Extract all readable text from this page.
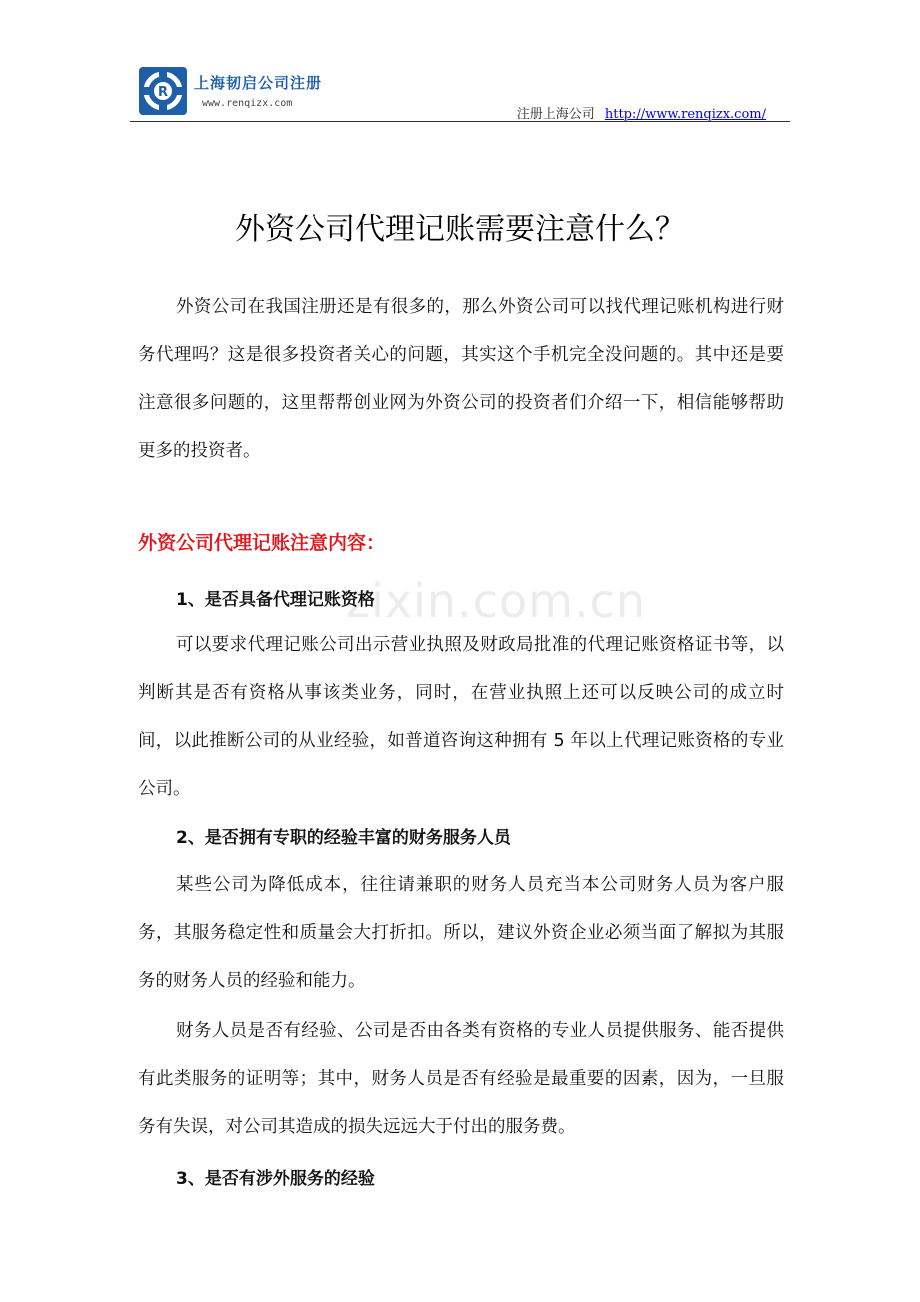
R
上海韧启公司注册
www.renqizx.com
注册上海公司 http://www.renqizx.com/
zixin.com.cn
外资公司代理记账需要注意什么？

外资公司在我国注册还是有很多的，那么外资公司可以找代理记账机构进行财务代理吗？这是很多投资者关心的问题，其实这个手机完全没问题的。其中还是要注意很多问题的，这里帮帮创业网为外资公司的投资者们介绍一下，相信能够帮助更多的投资者。

外资公司代理记账注意内容：
1、是否具备代理记账资格

可以要求代理记账公司出示营业执照及财政局批准的代理记账资格证书等，以判断其是否有资格从事该类业务，同时，在营业执照上还可以反映公司的成立时间，以此推断公司的从业经验，如普道咨询这种拥有 5 年以上代理记账资格的专业公司。

2、是否拥有专职的经验丰富的财务服务人员

某些公司为降低成本，往往请兼职的财务人员充当本公司财务人员为客户服务，其服务稳定性和质量会大打折扣。所以，建议外资企业必须当面了解拟为其服务的财务人员的经验和能力。

财务人员是否有经验、公司是否由各类有资格的专业人员提供服务、能否提供有此类服务的证明等；其中，财务人员是否有经验是最重要的因素，因为，一旦服务有失误，对公司其造成的损失远远大于付出的服务费。

3、是否有涉外服务的经验
